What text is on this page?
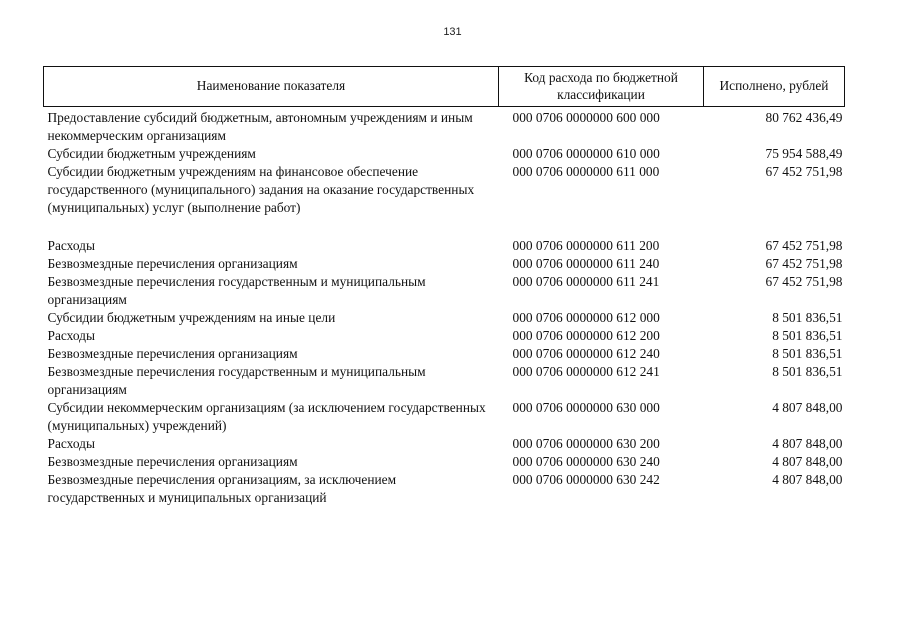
131
Наименование показателя	Код расхода по бюджетной классификации	Исполнено, рублей
Предоставление субсидий бюджетным, автономным учреждениям и иным некоммерческим организациям	000 0706 0000000 600 000	80 762 436,49
Субсидии бюджетным учреждениям	000 0706 0000000 610 000	75 954 588,49
Субсидии бюджетным учреждениям на финансовое обеспечение государственного (муниципального) задания на оказание государственных (муниципальных) услуг (выполнение работ)	000 0706 0000000 611 000	67 452 751,98

Расходы	000 0706 0000000 611 200	67 452 751,98
Безвозмездные перечисления организациям	000 0706 0000000 611 240	67 452 751,98
Безвозмездные перечисления государственным и муниципальным организациям	000 0706 0000000 611 241	67 452 751,98
Субсидии бюджетным учреждениям на иные цели	000 0706 0000000 612 000	8 501 836,51
Расходы	000 0706 0000000 612 200	8 501 836,51
Безвозмездные перечисления организациям	000 0706 0000000 612 240	8 501 836,51
Безвозмездные перечисления государственным и муниципальным организациям	000 0706 0000000 612 241	8 501 836,51
Субсидии некоммерческим организациям (за исключением государственных (муниципальных) учреждений)	000 0706 0000000 630 000	4 807 848,00
Расходы	000 0706 0000000 630 200	4 807 848,00
Безвозмездные перечисления организациям	000 0706 0000000 630 240	4 807 848,00
Безвозмездные перечисления организациям, за исключением государственных и муниципальных организаций	000 0706 0000000 630 242	4 807 848,00
